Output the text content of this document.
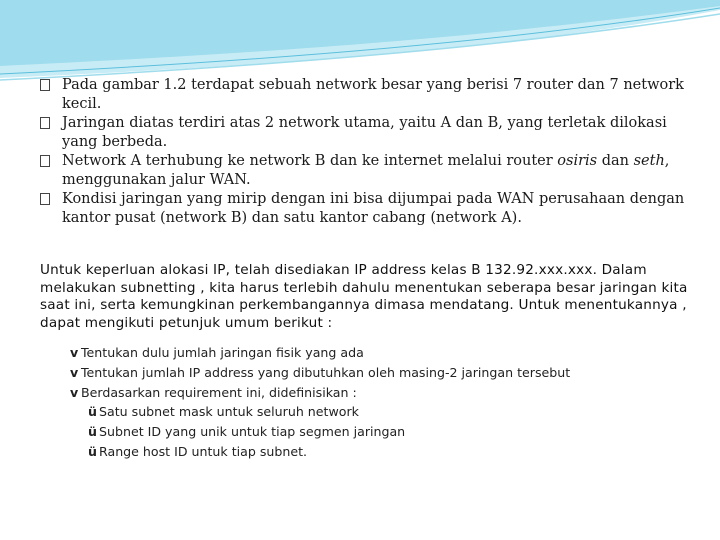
Pada gambar 1.2 terdapat sebuah network besar yang berisi 7 router dan 7 network kecil.
Jaringan diatas terdiri atas 2 network utama, yaitu A dan B, yang terletak dilokasi yang berbeda.
Network A terhubung ke network B dan ke internet melalui router osiris dan seth, menggunakan jalur WAN.
Kondisi jaringan yang mirip dengan ini bisa dijumpai pada WAN perusahaan dengan kantor pusat (network B) dan satu kantor cabang (network A).
Untuk keperluan alokasi IP, telah disediakan IP address kelas B 132.92.xxx.xxx. Dalam melakukan subnetting , kita harus terlebih dahulu menentukan seberapa besar jaringan kita saat ini, serta kemungkinan perkembangannya dimasa mendatang. Untuk menentukannya , dapat mengikuti petunjuk umum berikut :
v Tentukan dulu jumlah jaringan fisik yang ada
v Tentukan jumlah IP address yang dibutuhkan oleh masing-2 jaringan tersebut
v Berdasarkan requirement ini, didefinisikan :
ü Satu subnet mask untuk seluruh network
ü Subnet ID yang unik untuk tiap segmen jaringan
ü Range host ID untuk tiap subnet.
